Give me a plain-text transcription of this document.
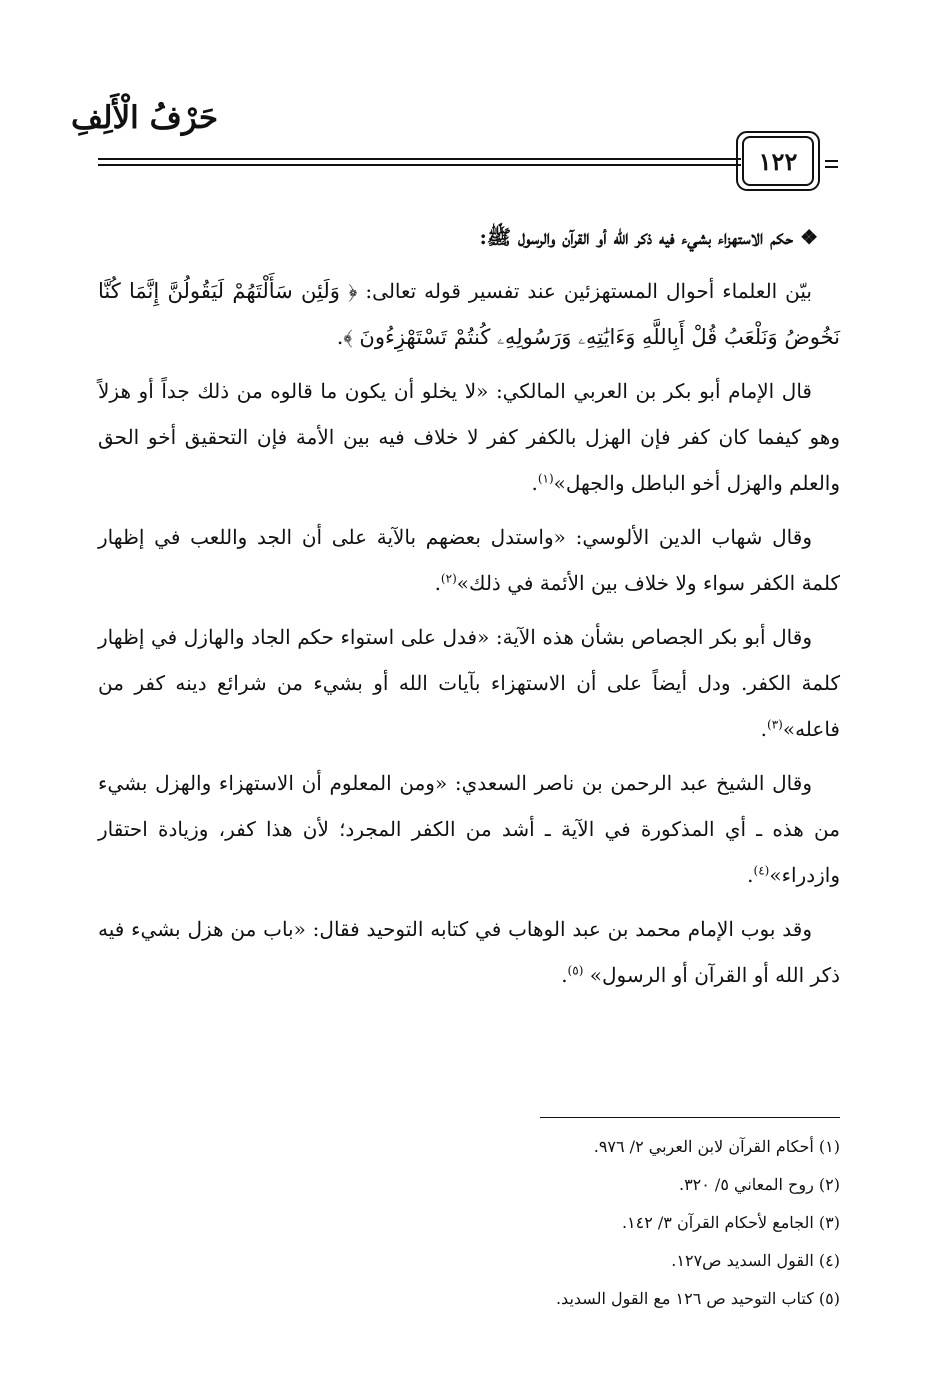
حَرْفُ الْأَلِفِ
١٢٢

❖ حكم الاستهزاء بشيء فيه ذكر الله أو القرآن والرسول ﷺ:

بيّن العلماء أحوال المستهزئين عند تفسير قوله تعالى: ﴿ وَلَئِن سَأَلْتَهُمْ لَيَقُولُنَّ إِنَّمَا كُنَّا نَخُوضُ وَنَلْعَبُ قُلْ أَبِاللَّهِ وَءَايَٰتِهِۦ وَرَسُولِهِۦ كُنتُمْ تَسْتَهْزِءُونَ ﴾.

قال الإمام أبو بكر بن العربي المالكي: «لا يخلو أن يكون ما قالوه من ذلك جداً أو هزلاً وهو كيفما كان كفر فإن الهزل بالكفر كفر لا خلاف فيه بين الأمة فإن التحقيق أخو الحق والعلم والهزل أخو الباطل والجهل»$^{(١)}$.

وقال شهاب الدين الألوسي: «واستدل بعضهم بالآية على أن الجد واللعب في إظهار كلمة الكفر سواء ولا خلاف بين الأئمة في ذلك»$^{(٢)}$.

وقال أبو بكر الجصاص بشأن هذه الآية: «فدل على استواء حكم الجاد والهازل في إظهار كلمة الكفر. ودل أيضاً على أن الاستهزاء بآيات الله أو بشيء من شرائع دينه كفر من فاعله»$^{(٣)}$.

وقال الشيخ عبد الرحمن بن ناصر السعدي: «ومن المعلوم أن الاستهزاء والهزل بشيء من هذه ـ أي المذكورة في الآية ـ أشد من الكفر المجرد؛ لأن هذا كفر، وزيادة احتقار وازدراء»$^{(٤)}$.

وقد بوب الإمام محمد بن عبد الوهاب في كتابه التوحيد فقال: «باب من هزل بشيء فيه ذكر الله أو القرآن أو الرسول» $^{(٥)}$.

(١) أحكام القرآن لابن العربي ٢/ ٩٧٦.
(٢) روح المعاني ٥/ ٣٢٠.
(٣) الجامع لأحكام القرآن ٣/ ١٤٢.
(٤) القول السديد ص١٢٧.
(٥) كتاب التوحيد ص ١٢٦ مع القول السديد.
